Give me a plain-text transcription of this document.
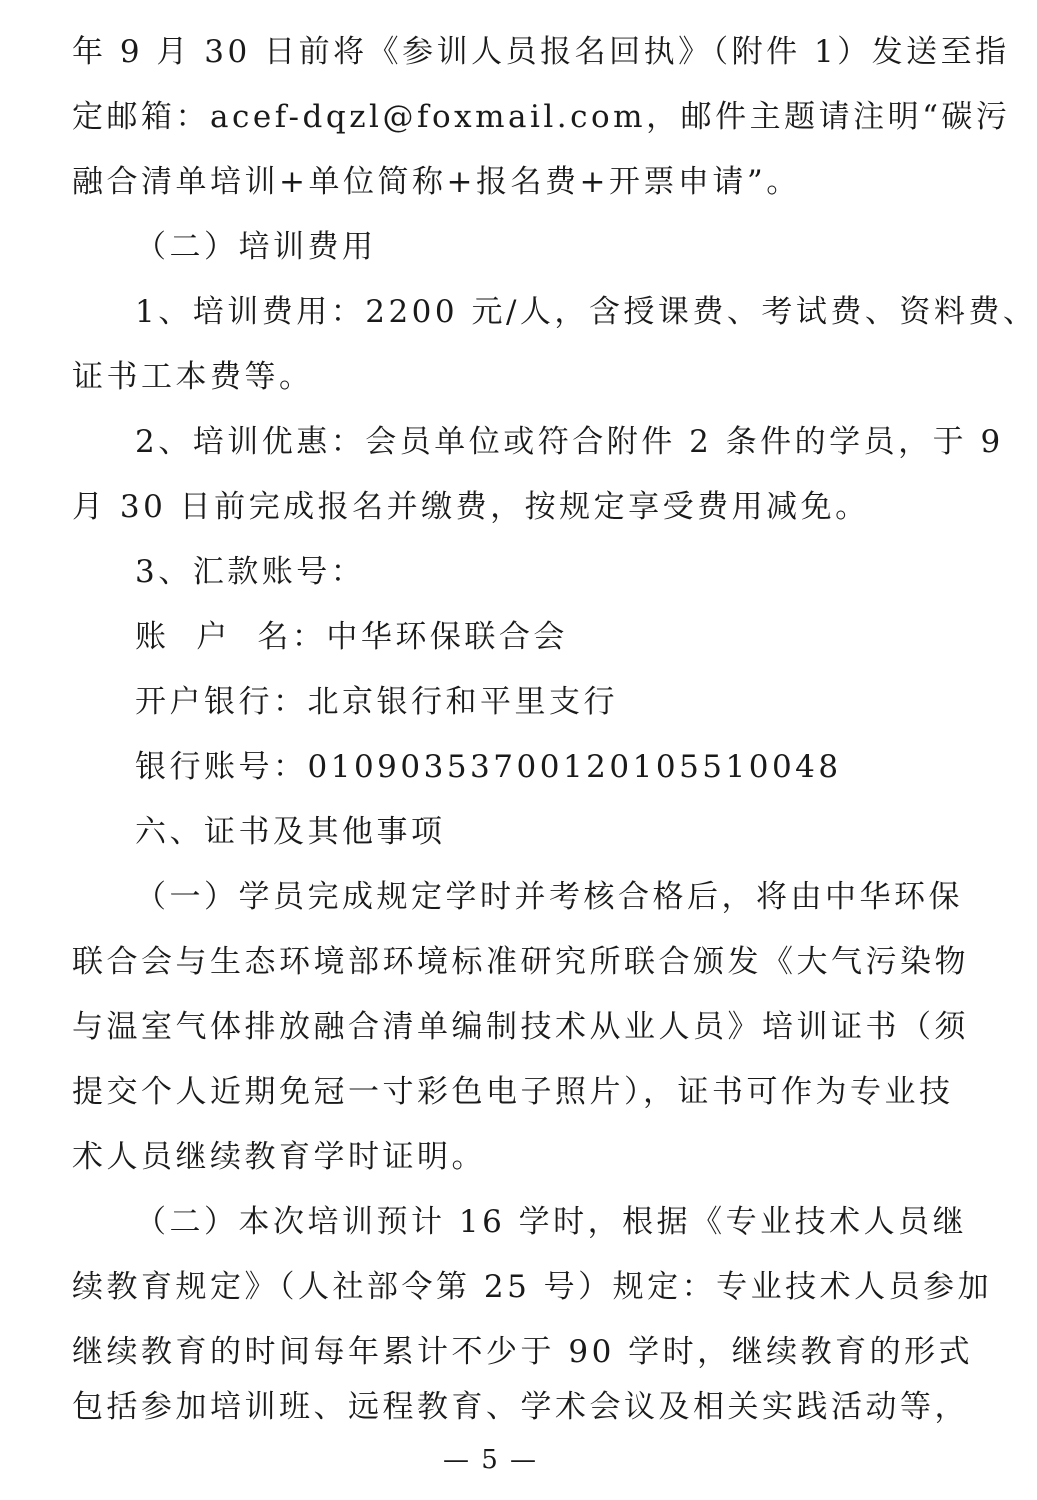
年 9 月 30 日前将《参训人员报名回执》（附件 1）发送至指
定邮箱：acef-dqzl@foxmail.com，邮件主题请注明“碳污
融合清单培训+单位简称+报名费+开票申请”。
（二）培训费用
1、培训费用：2200 元/人，含授课费、考试费、资料费、
证书工本费等。
2、培训优惠：会员单位或符合附件 2 条件的学员，于 9
月 30 日前完成报名并缴费，按规定享受费用减免。
3、汇款账号：
账  户  名：中华环保联合会
开户银行：北京银行和平里支行
银行账号：01090353700120105510048
六、证书及其他事项
（一）学员完成规定学时并考核合格后，将由中华环保
联合会与生态环境部环境标准研究所联合颁发《大气污染物
与温室气体排放融合清单编制技术从业人员》培训证书（须
提交个人近期免冠一寸彩色电子照片），证书可作为专业技
术人员继续教育学时证明。
（二）本次培训预计 16 学时，根据《专业技术人员继
续教育规定》（人社部令第 25 号）规定：专业技术人员参加
继续教育的时间每年累计不少于 90 学时，继续教育的形式
包括参加培训班、远程教育、学术会议及相关实践活动等，
— 5 —
